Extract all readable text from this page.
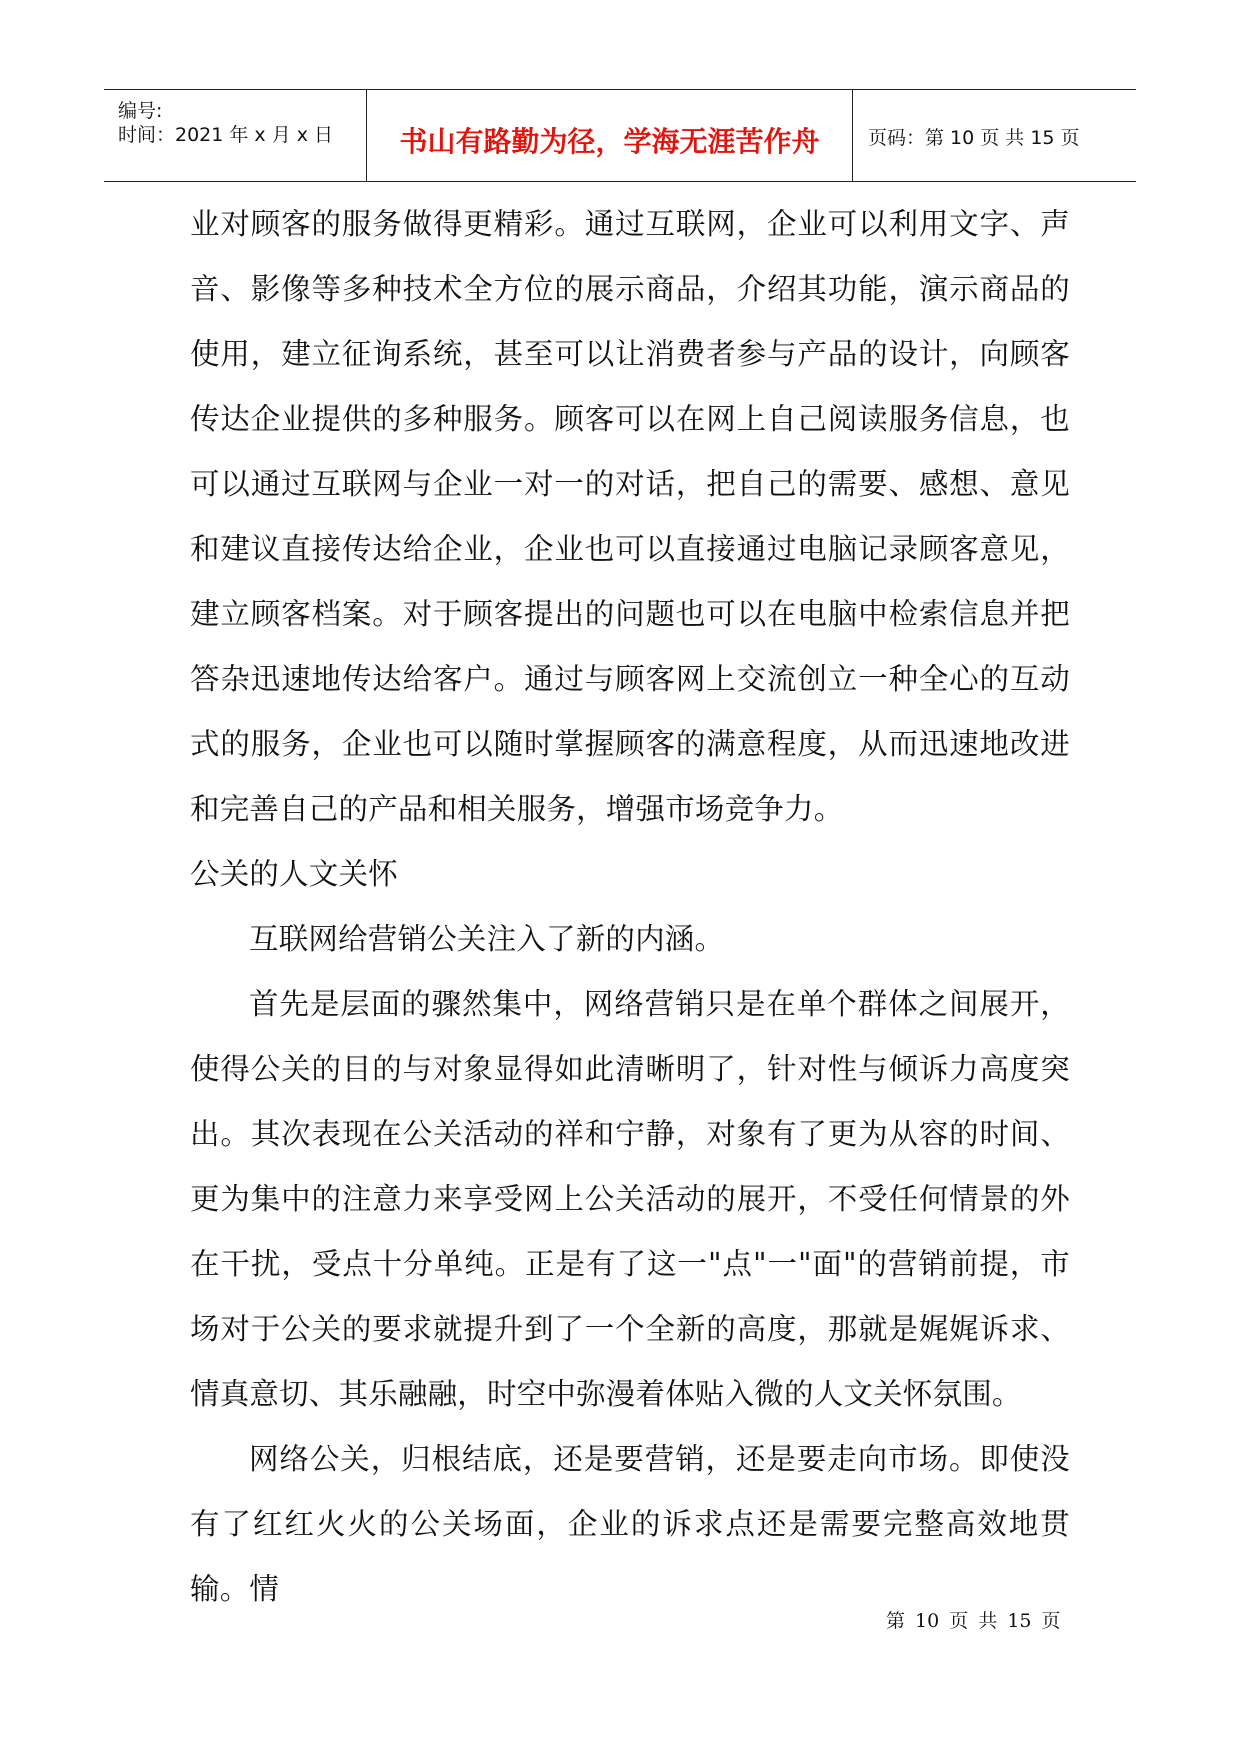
编号:
时间：2021 年 x 月 x 日	书山有路勤为径，学海无涯苦作舟	页码：第 10 页 共 15 页

业对顾客的服务做得更精彩。通过互联网，企业可以利用文字、声音、影像等多种技术全方位的展示商品，介绍其功能，演示商品的使用，建立征询系统，甚至可以让消费者参与产品的设计，向顾客传达企业提供的多种服务。顾客可以在网上自己阅读服务信息，也可以通过互联网与企业一对一的对话，把自己的需要、感想、意见和建议直接传达给企业，企业也可以直接通过电脑记录顾客意见，建立顾客档案。对于顾客提出的问题也可以在电脑中检索信息并把答杂迅速地传达给客户。通过与顾客网上交流创立一种全心的互动式的服务，企业也可以随时掌握顾客的满意程度，从而迅速地改进和完善自己的产品和相关服务，增强市场竞争力。

公关的人文关怀

互联网给营销公关注入了新的内涵。

首先是层面的骤然集中，网络营销只是在单个群体之间展开，使得公关的目的与对象显得如此清晰明了，针对性与倾诉力高度突出。其次表现在公关活动的祥和宁静，对象有了更为从容的时间、更为集中的注意力来享受网上公关活动的展开，不受任何情景的外在干扰，受点十分单纯。正是有了这一"点"一"面"的营销前提，市场对于公关的要求就提升到了一个全新的高度，那就是娓娓诉求、情真意切、其乐融融，时空中弥漫着体贴入微的人文关怀氛围。

网络公关，归根结底，还是要营销，还是要走向市场。即使没有了红红火火的公关场面，企业的诉求点还是需要完整高效地贯输。情

第 10 页 共 15 页
